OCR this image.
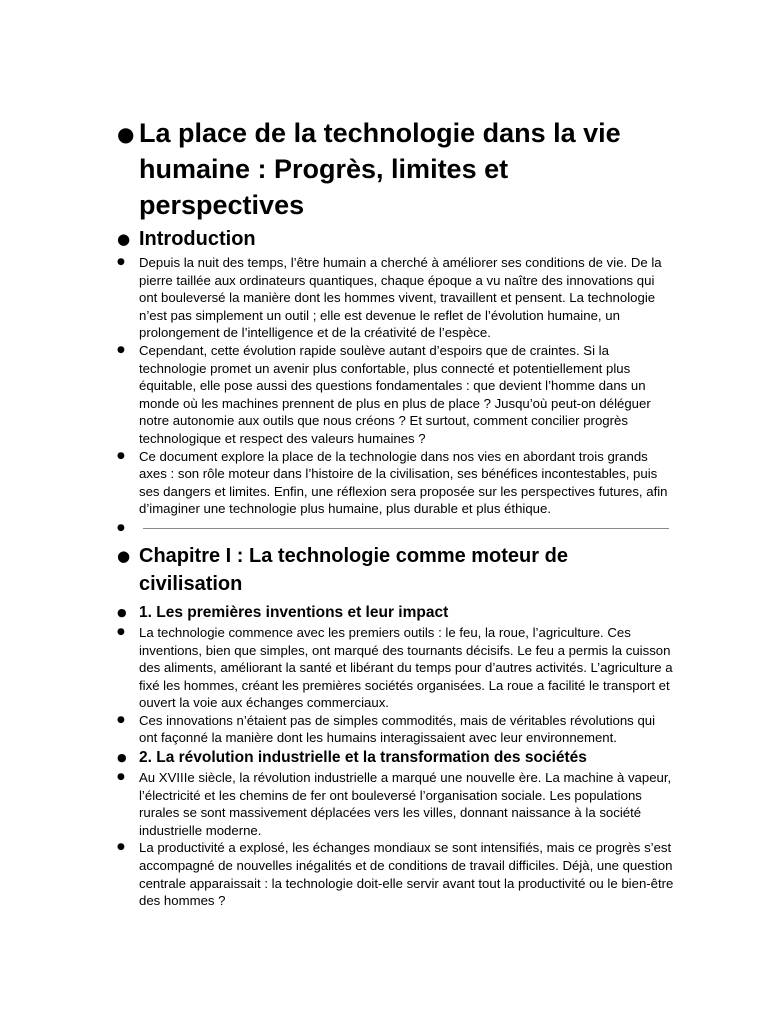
● La place de la technologie dans la vie humaine : Progrès, limites et perspectives
● Introduction
● Depuis la nuit des temps, l’être humain a cherché à améliorer ses conditions de vie. De la pierre taillée aux ordinateurs quantiques, chaque époque a vu naître des innovations qui ont bouleversé la manière dont les hommes vivent, travaillent et pensent. La technologie n’est pas simplement un outil ; elle est devenue le reflet de l’évolution humaine, un prolongement de l’intelligence et de la créativité de l’espèce.
● Cependant, cette évolution rapide soulève autant d’espoirs que de craintes. Si la technologie promet un avenir plus confortable, plus connecté et potentiellement plus équitable, elle pose aussi des questions fondamentales : que devient l’homme dans un monde où les machines prennent de plus en plus de place ? Jusqu’où peut-on déléguer notre autonomie aux outils que nous créons ? Et surtout, comment concilier progrès technologique et respect des valeurs humaines ?
● Ce document explore la place de la technologie dans nos vies en abordant trois grands axes : son rôle moteur dans l’histoire de la civilisation, ses bénéfices incontestables, puis ses dangers et limites. Enfin, une réflexion sera proposée sur les perspectives futures, afin d’imaginer une technologie plus humaine, plus durable et plus éthique.
●
● Chapitre I : La technologie comme moteur de civilisation
● 1. Les premières inventions et leur impact
● La technologie commence avec les premiers outils : le feu, la roue, l’agriculture. Ces inventions, bien que simples, ont marqué des tournants décisifs. Le feu a permis la cuisson des aliments, améliorant la santé et libérant du temps pour d’autres activités. L’agriculture a fixé les hommes, créant les premières sociétés organisées. La roue a facilité le transport et ouvert la voie aux échanges commerciaux.
● Ces innovations n’étaient pas de simples commodités, mais de véritables révolutions qui ont façonné la manière dont les humains interagissaient avec leur environnement.
● 2. La révolution industrielle et la transformation des sociétés
● Au XVIIIe siècle, la révolution industrielle a marqué une nouvelle ère. La machine à vapeur, l’électricité et les chemins de fer ont bouleversé l’organisation sociale. Les populations rurales se sont massivement déplacées vers les villes, donnant naissance à la société industrielle moderne.
● La productivité a explosé, les échanges mondiaux se sont intensifiés, mais ce progrès s’est accompagné de nouvelles inégalités et de conditions de travail difficiles. Déjà, une question centrale apparaissait : la technologie doit-elle servir avant tout la productivité ou le bien-être des hommes ?
